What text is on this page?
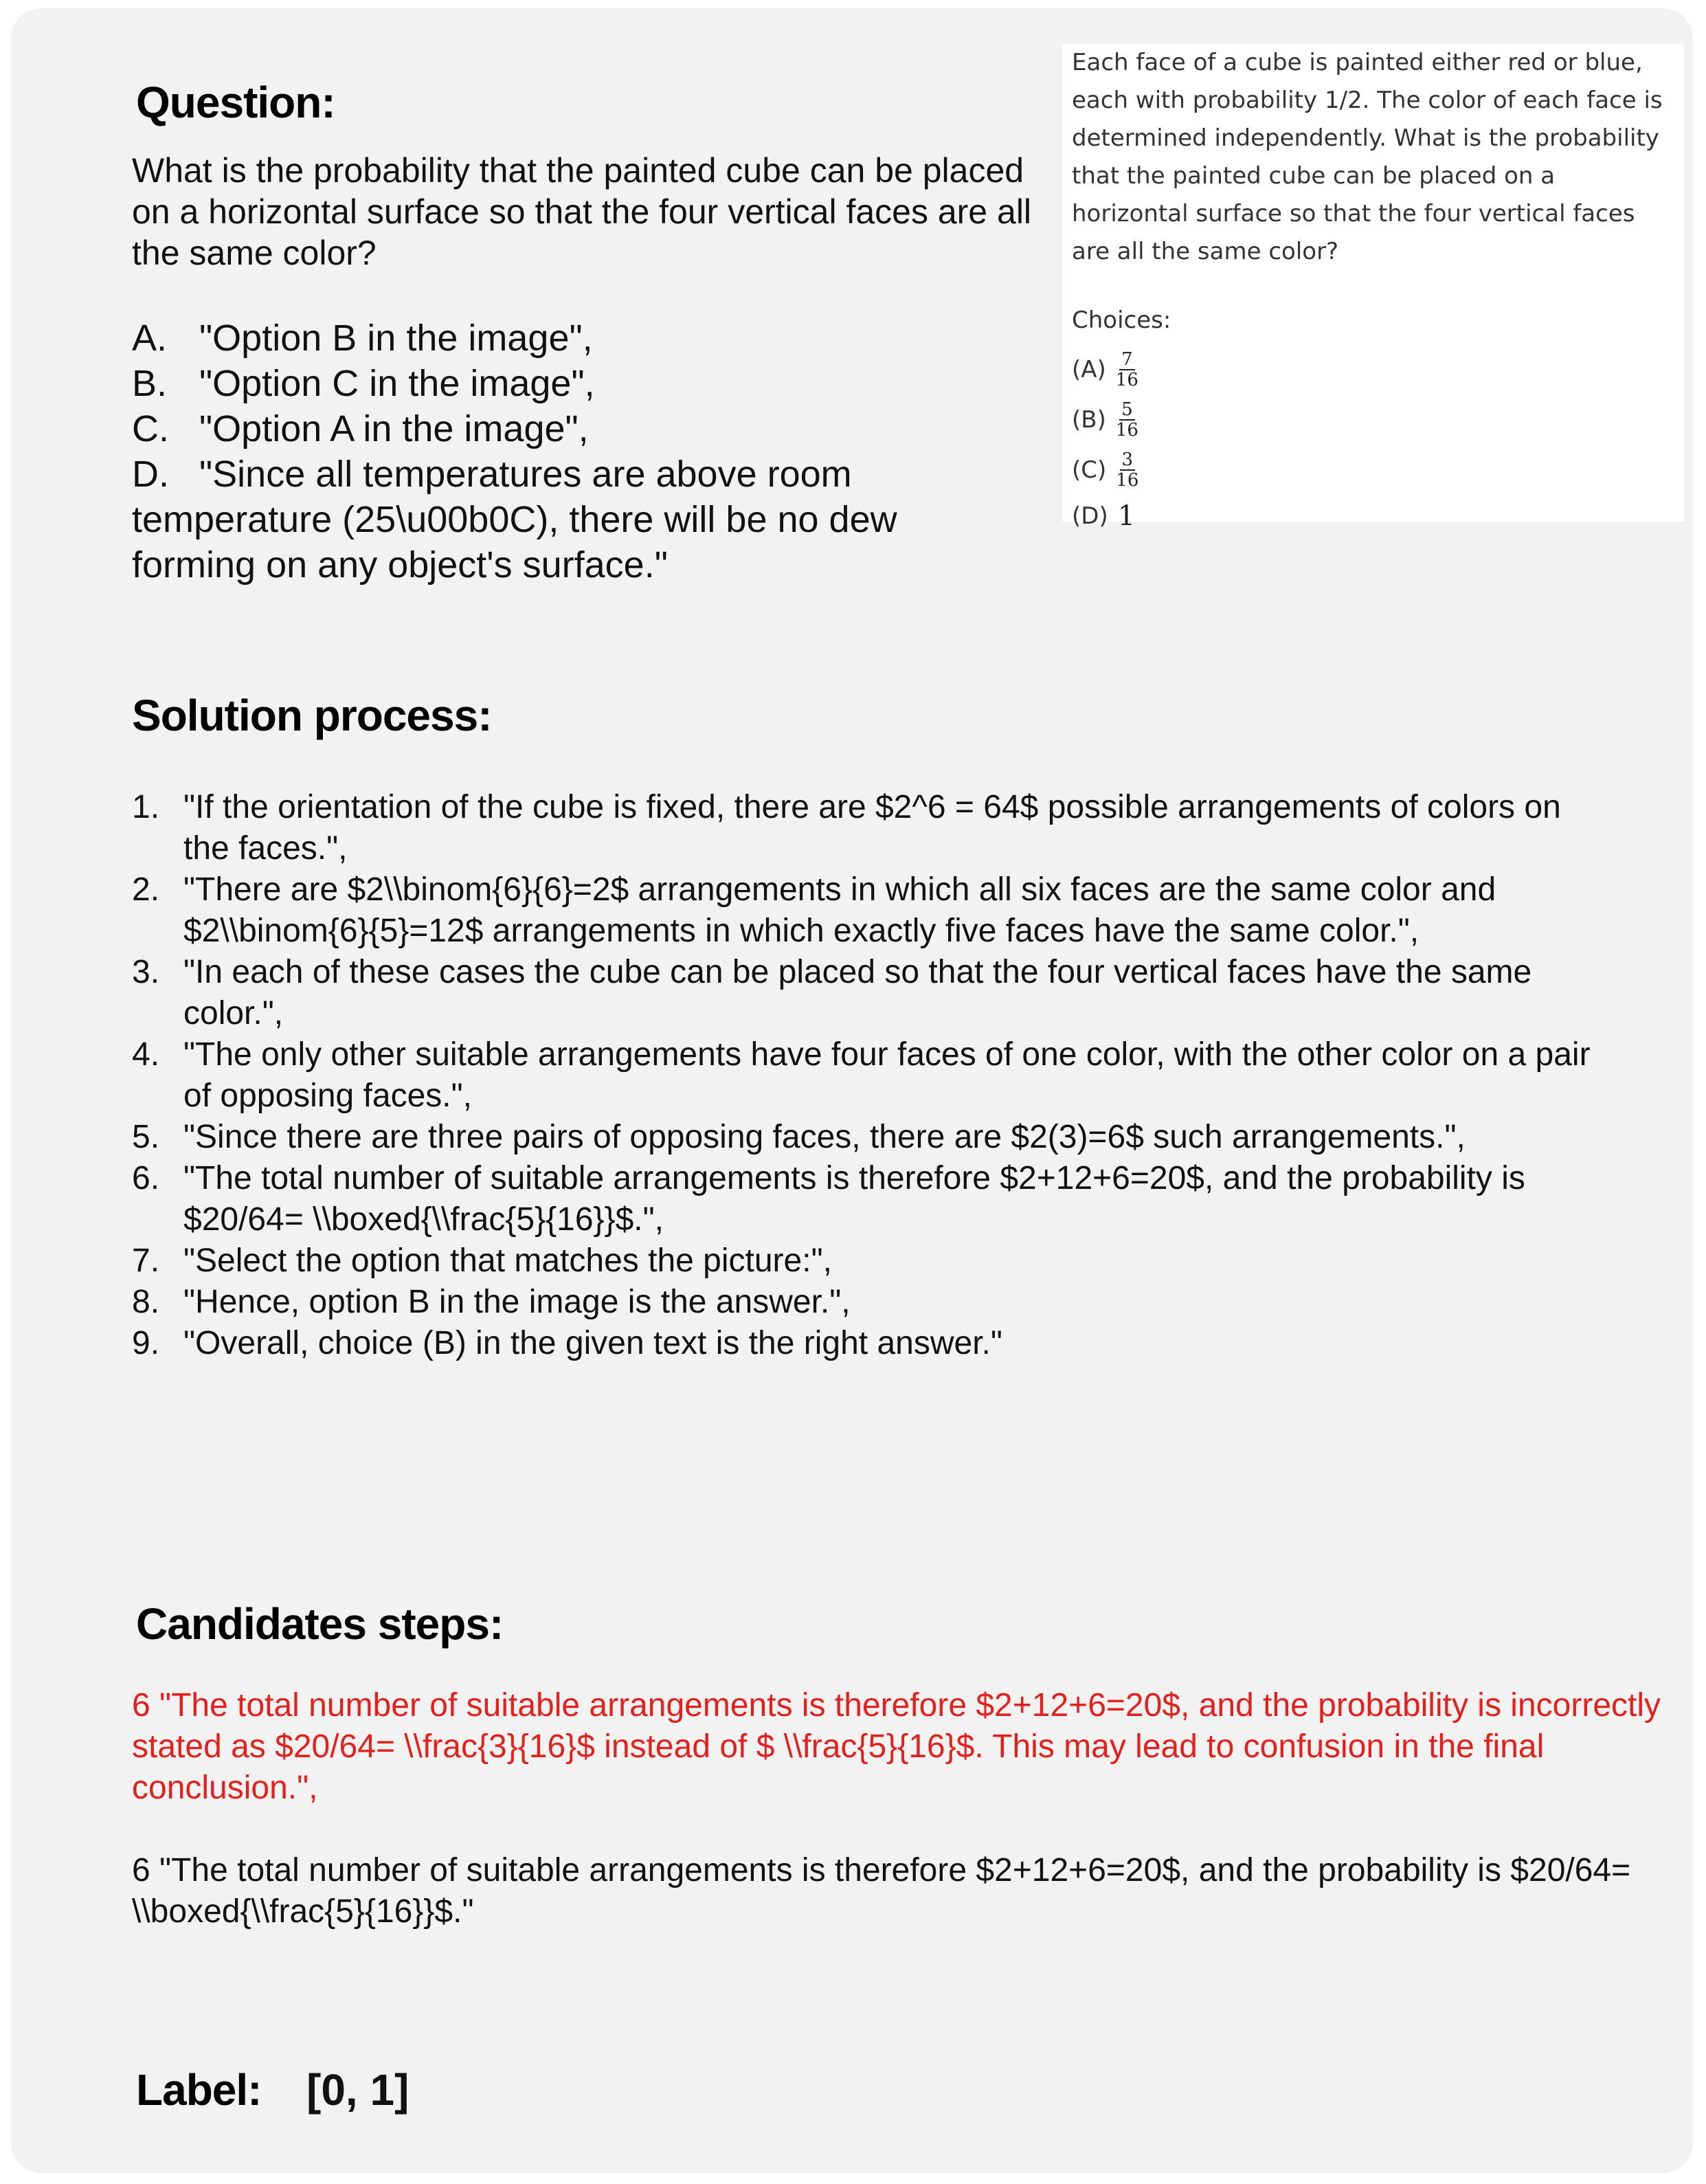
Question:
What is the probability that the painted cube can be placed on a horizontal surface so that the four vertical faces are all the same color?
A. "Option B in the image",
B. "Option C in the image",
C. "Option A in the image",
D. "Since all temperatures are above room temperature (25\u00b0C), there will be no dew forming on any object's surface."
Each face of a cube is painted either red or blue, each with probability 1/2. The color of each face is determined independently. What is the probability that the painted cube can be placed on a horizontal surface so that the four vertical faces are all the same color?
Choices:
$(A) \frac{7}{16}$
$(B) \frac{5}{16}$
$(C) \frac{3}{16}$
(D) 1
Solution process:
1. "If the orientation of the cube is fixed, there are $2^6 = 64$ possible arrangements of colors on the faces.",
2. "There are $2\\binom{6}{6}=2$ arrangements in which all six faces are the same color and $2\\binom{6}{5}=12$ arrangements in which exactly five faces have the same color.",
3. "In each of these cases the cube can be placed so that the four vertical faces have the same color.",
4. "The only other suitable arrangements have four faces of one color, with the other color on a pair of opposing faces.",
5. "Since there are three pairs of opposing faces, there are $2(3)=6$ such arrangements.",
6. "The total number of suitable arrangements is therefore $2+12+6=20$, and the probability is $20/64= \\boxed{\\frac{5}{16}}$.",
7. "Select the option that matches the picture:",
8. "Hence, option B in the image is the answer.",
9. "Overall, choice (B) in the given text is the right answer."
Candidates steps:
6 "The total number of suitable arrangements is therefore $2+12+6=20$, and the probability is incorrectly stated as $20/64= \\frac{3}{16}$ instead of $ \\frac{5}{16}$. This may lead to confusion in the final conclusion.",
6 "The total number of suitable arrangements is therefore $2+12+6=20$, and the probability is $20/64= \\boxed{\\frac{5}{16}}$."
Label: [0, 1]
